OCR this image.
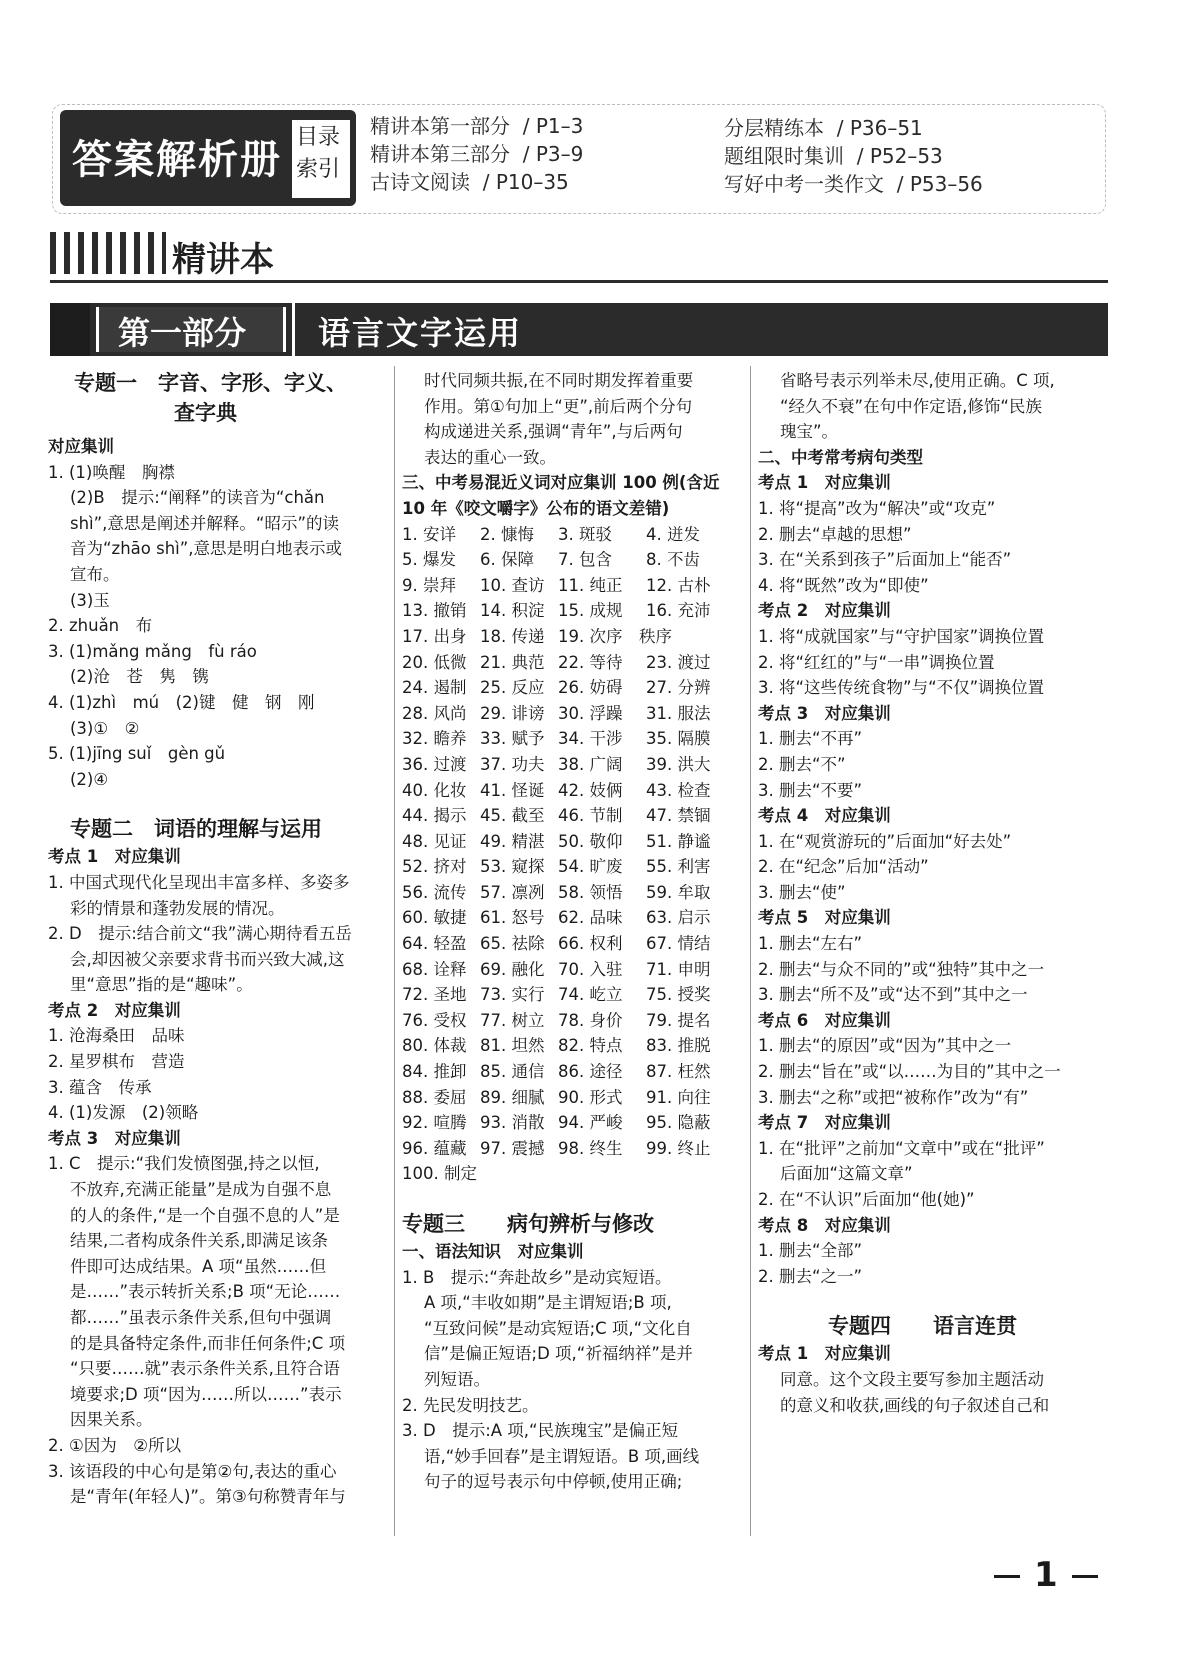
答案解析册 目录
索引
精讲本第一部分 / P1–3
精讲本第三部分 / P3–9
古诗文阅读 / P10–35
分层精练本 / P36–51
题组限时集训 / P52–53
写好中考一类作文 / P53–56
精讲本
第一部分 语言文字运用

专题一　字音、字形、字义、

查字典

对应集训

1. (1)唤醒　胸襟

(2)B　提示:“阐释”的读音为“chǎn

shì”,意思是阐述并解释。“昭示”的读

音为“zhāo shì”,意思是明白地表示或

宣布。

(3)玉

2. zhuǎn　布

3. (1)mǎng mǎng　fù ráo

(2)沧　苍　隽　镌

4. (1)zhì　mú　(2)键　健　钢　刚

(3)①　②

5. (1)jīng suǐ　gèn gǔ

(2)④

专题二　词语的理解与运用

考点 1　对应集训

1. 中国式现代化呈现出丰富多样、多姿多

彩的情景和蓬勃发展的情况。

2. D　提示:结合前文“我”满心期待看五岳

会,却因被父亲要求背书而兴致大减,这

里“意思”指的是“趣味”。

考点 2　对应集训

1. 沧海桑田　品味

2. 星罗棋布　营造

3. 蕴含　传承

4. (1)发源　(2)领略

考点 3　对应集训

1. C　提示:“我们发愤图强,持之以恒,

不放弃,充满正能量”是成为自强不息

的人的条件,“是一个自强不息的人”是

结果,二者构成条件关系,即满足该条

件即可达成结果。A 项“虽然……但

是……”表示转折关系;B 项“无论……

都……”虽表示条件关系,但句中强调

的是具备特定条件,而非任何条件;C 项

“只要……就”表示条件关系,且符合语

境要求;D 项“因为……所以……”表示

因果关系。

2. ①因为　②所以

3. 该语段的中心句是第②句,表达的重心

是“青年(年轻人)”。第③句称赞青年与

时代同频共振,在不同时期发挥着重要

作用。第①句加上“更”,前后两个分句

构成递进关系,强调“青年”,与后两句

表达的重心一致。

三、中考易混近义词对应集训 100 例(含近

10 年《咬文嚼字》公布的语文差错)

1. 安详	2. 慷悔	3. 斑驳	4. 迸发
5. 爆发	6. 保障	7. 包含	8. 不齿
9. 崇拜	10. 查访 11. 纯正	12. 古朴
13. 撤销 14. 积淀 15. 成规	16. 充沛
17. 出身 18. 传递 19. 次序　秩序
20. 低微 21. 典范 22. 等待	23. 渡过
24. 遏制 25. 反应 26. 妨碍	27. 分辨
28. 风尚 29. 诽谤 30. 浮躁	31. 服法
32. 瞻养 33. 赋予 34. 干涉	35. 隔膜
36. 过渡 37. 功夫 38. 广阔	39. 洪大
40. 化妆 41. 怪诞 42. 妓俩	43. 检查
44. 揭示 45. 截至 46. 节制	47. 禁锢
48. 见证 49. 精湛 50. 敬仰	51. 静谧
52. 挤对 53. 窥探 54. 旷废	55. 利害
56. 流传 57. 凛冽 58. 领悟	59. 牟取
60. 敏捷 61. 怒号 62. 品味	63. 启示
64. 轻盈 65. 祛除 66. 权利	67. 情结
68. 诠释 69. 融化 70. 入驻	71. 申明
72. 圣地 73. 实行 74. 屹立	75. 授奖
76. 受权 77. 树立 78. 身价	79. 提名
80. 体裁 81. 坦然 82. 特点	83. 推脱
84. 推卸 85. 通信 86. 途径	87. 枉然
88. 委屈 89. 细腻 90. 形式	91. 向往
92. 喧腾 93. 消散 94. 严峻	95. 隐蔽
96. 蕴藏 97. 震撼 98. 终生	99. 终止
100. 制定

专题三　　病句辨析与修改

一、语法知识　对应集训

1. B　提示:“奔赴故乡”是动宾短语。

A 项,“丰收如期”是主谓短语;B 项,

“互致问候”是动宾短语;C 项,“文化自

信”是偏正短语;D 项,“祈福纳祥”是并

列短语。

2. 先民发明技艺。

3. D　提示:A 项,“民族瑰宝”是偏正短

语,“妙手回春”是主谓短语。B 项,画线

句子的逗号表示句中停顿,使用正确;

省略号表示列举未尽,使用正确。C 项,

“经久不衰”在句中作定语,修饰“民族

瑰宝”。

二、中考常考病句类型

考点 1　对应集训

1. 将“提高”改为“解决”或“攻克”

2. 删去“卓越的思想”

3. 在“关系到孩子”后面加上“能否”

4. 将“既然”改为“即使”

考点 2　对应集训

1. 将“成就国家”与“守护国家”调换位置

2. 将“红红的”与“一串”调换位置

3. 将“这些传统食物”与“不仅”调换位置

考点 3　对应集训

1. 删去“不再”

2. 删去“不”

3. 删去“不要”

考点 4　对应集训

1. 在“观赏游玩的”后面加“好去处”

2. 在“纪念”后加“活动”

3. 删去“使”

考点 5　对应集训

1. 删去“左右”

2. 删去“与众不同的”或“独特”其中之一

3. 删去“所不及”或“达不到”其中之一

考点 6　对应集训

1. 删去“的原因”或“因为”其中之一

2. 删去“旨在”或“以……为目的”其中之一

3. 删去“之称”或把“被称作”改为“有”

考点 7　对应集训

1. 在“批评”之前加“文章中”或在“批评”

后面加“这篇文章”

2. 在“不认识”后面加“他(她)”

考点 8　对应集训

1. 删去“全部”

2. 删去“之一”

专题四　　语言连贯

考点 1　对应集训

同意。这个文段主要写参加主题活动

的意义和收获,画线的句子叙述自己和

1
